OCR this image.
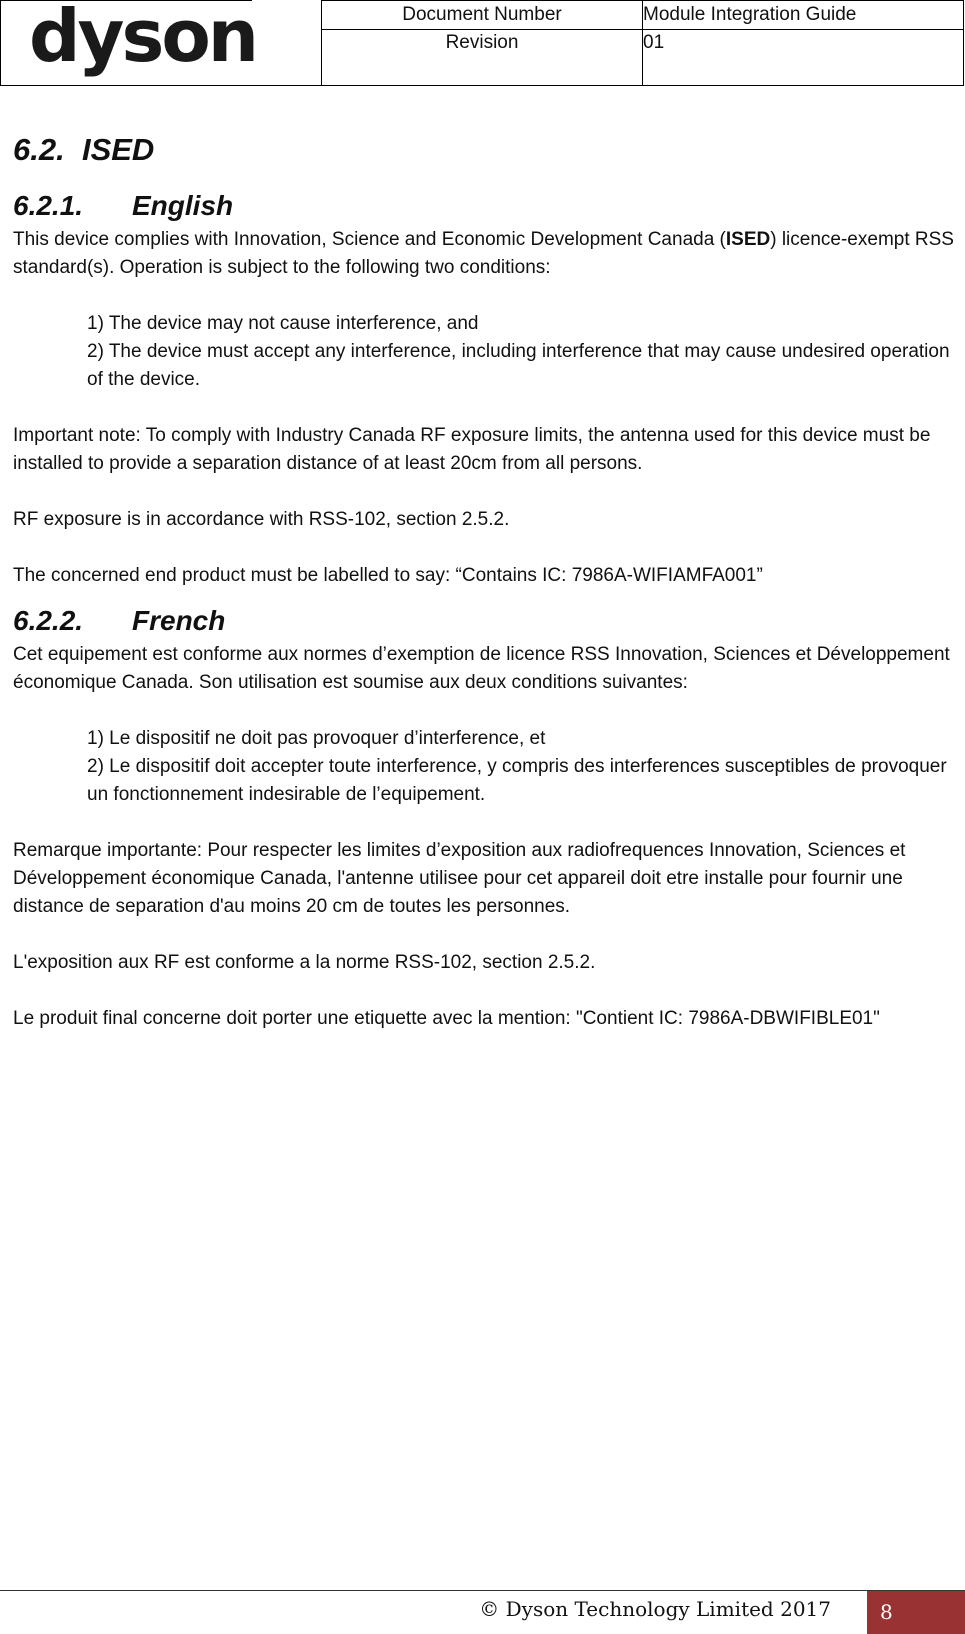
dyson	Document Number	Module Integration Guide
	Revision	01
6.2. ISED
6.2.1. English

This device complies with Innovation, Science and Economic Development Canada (ISED) licence-exempt RSS standard(s). Operation is subject to the following two conditions:

1) The device may not cause interference, and

2) The device must accept any interference, including interference that may cause undesired operation of the device.

Important note: To comply with Industry Canada RF exposure limits, the antenna used for this device must be installed to provide a separation distance of at least 20cm from all persons.

RF exposure is in accordance with RSS-102, section 2.5.2.

The concerned end product must be labelled to say: “Contains IC: 7986A-WIFIAMFA001”

6.2.2. French

Cet equipement est conforme aux normes d’exemption de licence RSS Innovation, Sciences et Développement économique Canada. Son utilisation est soumise aux deux conditions suivantes:

1) Le dispositif ne doit pas provoquer d’interference, et

2) Le dispositif doit accepter toute interference, y compris des interferences susceptibles de provoquer un fonctionnement indesirable de l’equipement.

Remarque importante: Pour respecter les limites d’exposition aux radiofrequences Innovation, Sciences et Développement économique Canada, l'antenne utilisee pour cet appareil doit etre installe pour fournir une distance de separation d'au moins 20 cm de toutes les personnes.

L'exposition aux RF est conforme a la norme RSS-102, section 2.5.2.

Le produit final concerne doit porter une etiquette avec la mention: "Contient IC: 7986A-DBWIFIBLE01"

© Dyson Technology Limited 2017	8
